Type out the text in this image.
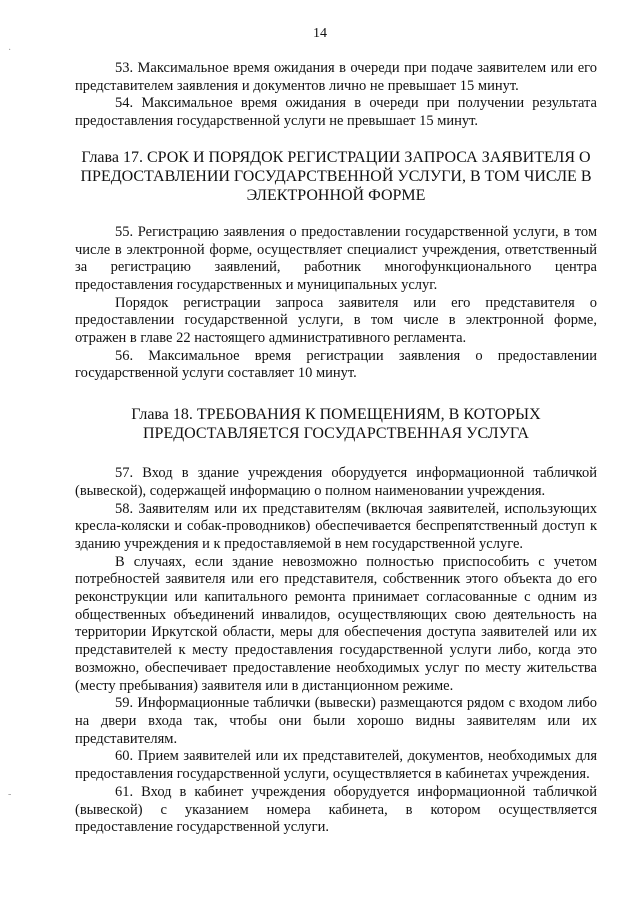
14

53. Максимальное время ожидания в очереди при подаче заявителем или его представителем заявления и документов лично не превышает 15 минут.

54. Максимальное время ожидания в очереди при получении результата предоставления государственной услуги не превышает 15 минут.

Глава 17. СРОК И ПОРЯДОК РЕГИСТРАЦИИ ЗАПРОСА ЗАЯВИТЕЛЯ О
ПРЕДОСТАВЛЕНИИ ГОСУДАРСТВЕННОЙ УСЛУГИ, В ТОМ ЧИСЛЕ В
ЭЛЕКТРОННОЙ ФОРМЕ

55. Регистрацию заявления о предоставлении государственной услуги, в том числе в электронной форме, осуществляет специалист учреждения, ответственный за регистрацию заявлений, работник многофункционального центра предоставления государственных и муниципальных услуг.

Порядок регистрации запроса заявителя или его представителя о предоставлении государственной услуги, в том числе в электронной форме, отражен в главе 22 настоящего административного регламента.

56. Максимальное время регистрации заявления о предоставлении государственной услуги составляет 10 минут.

Глава 18. ТРЕБОВАНИЯ К ПОМЕЩЕНИЯМ, В КОТОРЫХ
ПРЕДОСТАВЛЯЕТСЯ ГОСУДАРСТВЕННАЯ УСЛУГА

57. Вход в здание учреждения оборудуется информационной табличкой (вывеской), содержащей информацию о полном наименовании учреждения.

58. Заявителям или их представителям (включая заявителей, использующих кресла-коляски и собак-проводников) обеспечивается беспрепятственный доступ к зданию учреждения и к предоставляемой в нем государственной услуге.

В случаях, если здание невозможно полностью приспособить с учетом потребностей заявителя или его представителя, собственник этого объекта до его реконструкции или капитального ремонта принимает согласованные с одним из общественных объединений инвалидов, осуществляющих свою деятельность на территории Иркутской области, меры для обеспечения доступа заявителей или их представителей к месту предоставления государственной услуги либо, когда это возможно, обеспечивает предоставление необходимых услуг по месту жительства (месту пребывания) заявителя или в дистанционном режиме.

59. Информационные таблички (вывески) размещаются рядом с входом либо на двери входа так, чтобы они были хорошо видны заявителям или их представителям.

60. Прием заявителей или их представителей, документов, необходимых для предоставления государственной услуги, осуществляется в кабинетах учреждения.

61. Вход в кабинет учреждения оборудуется информационной табличкой (вывеской) с указанием номера кабинета, в котором осуществляется предоставление государственной услуги.

·
-
